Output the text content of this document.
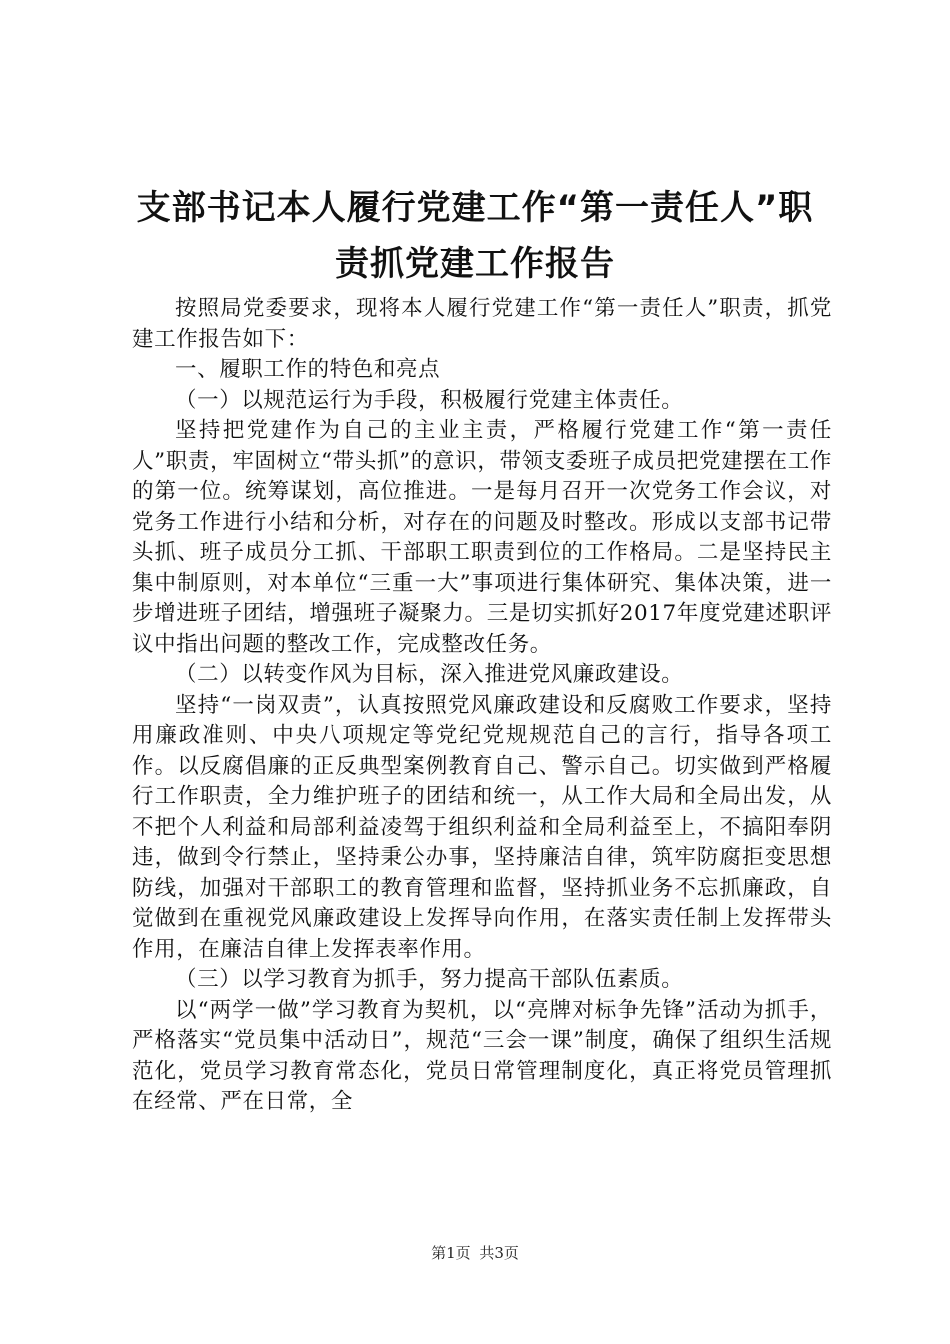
支部书记本人履行党建工作“第一责任人”职
责抓党建工作报告

按照局党委要求，现将本人履行党建工作“第一责任人”职责，抓党建工作报告如下：

一、履职工作的特色和亮点

（一）以规范运行为手段，积极履行党建主体责任。

坚持把党建作为自己的主业主责，严格履行党建工作“第一责任人”职责，牢固树立“带头抓”的意识，带领支委班子成员把党建摆在工作的第一位。统筹谋划，高位推进。一是每月召开一次党务工作会议，对党务工作进行小结和分析，对存在的问题及时整改。形成以支部书记带头抓、班子成员分工抓、干部职工职责到位的工作格局。二是坚持民主集中制原则，对本单位“三重一大”事项进行集体研究、集体决策，进一步增进班子团结，增强班子凝聚力。三是切实抓好2017年度党建述职评议中指出问题的整改工作，完成整改任务。

（二）以转变作风为目标，深入推进党风廉政建设。

坚持“一岗双责”，认真按照党风廉政建设和反腐败工作要求，坚持用廉政准则、中央八项规定等党纪党规规范自己的言行，指导各项工作。以反腐倡廉的正反典型案例教育自己、警示自己。切实做到严格履行工作职责，全力维护班子的团结和统一，从工作大局和全局出发，从不把个人利益和局部利益凌驾于组织利益和全局利益至上，不搞阳奉阴违，做到令行禁止，坚持秉公办事，坚持廉洁自律，筑牢防腐拒变思想防线，加强对干部职工的教育管理和监督，坚持抓业务不忘抓廉政，自觉做到在重视党风廉政建设上发挥导向作用，在落实责任制上发挥带头作用，在廉洁自律上发挥表率作用。

（三）以学习教育为抓手，努力提高干部队伍素质。

以“两学一做”学习教育为契机，以“亮牌对标争先锋”活动为抓手，严格落实“党员集中活动日”，规范“三会一课”制度，确保了组织生活规范化，党员学习教育常态化，党员日常管理制度化，真正将党员管理抓在经常、严在日常，全

第1页 共3页
